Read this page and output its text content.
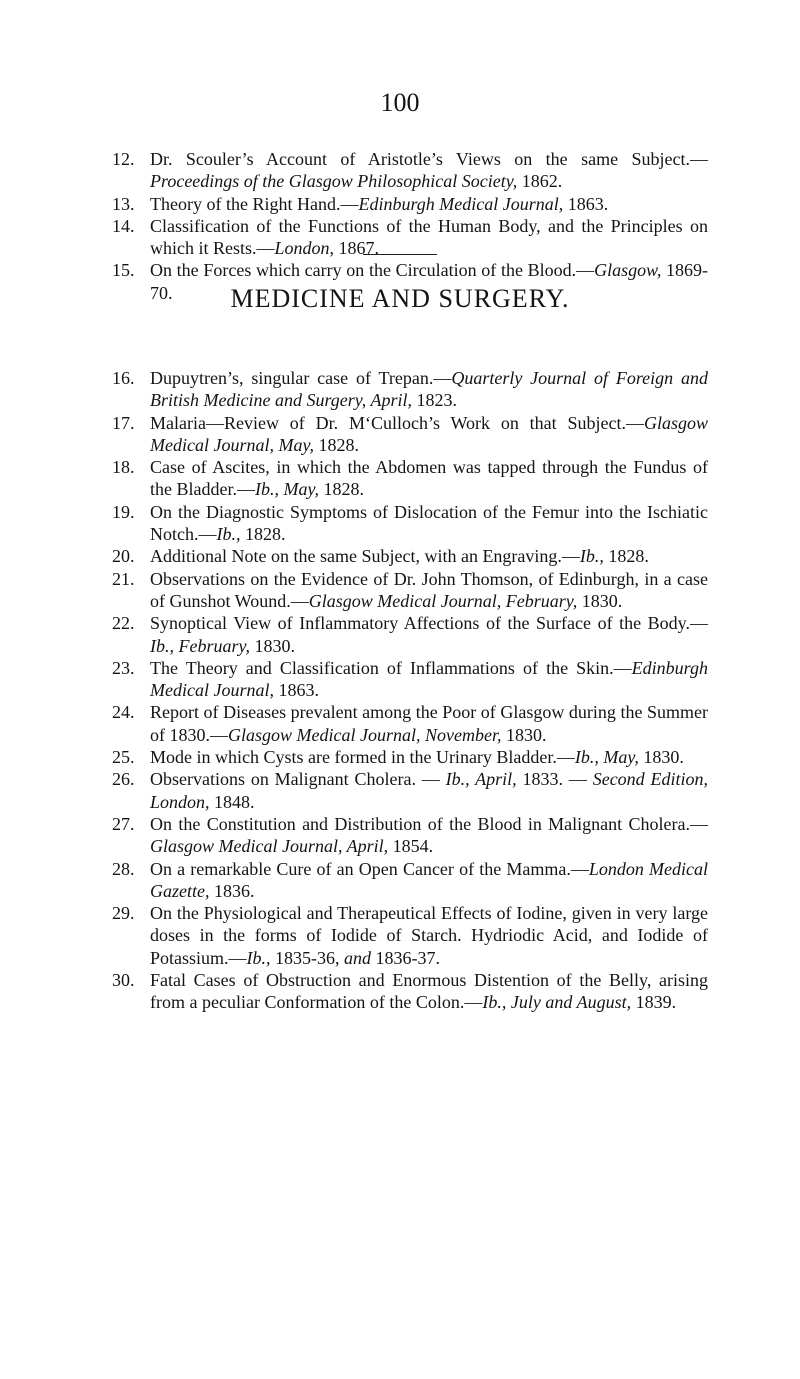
100
12. Dr. Scouler’s Account of Aristotle’s Views on the same Subject.—Proceedings of the Glasgow Philosophical Society, 1862.
13. Theory of the Right Hand.—Edinburgh Medical Journal, 1863.
14. Classification of the Functions of the Human Body, and the Principles on which it Rests.—London, 1867.
15. On the Forces which carry on the Circulation of the Blood.—Glasgow, 1869-70.	MEDICINE AND SURGERY.
16. Dupuytren’s, singular case of Trepan.—Quarterly Journal of Foreign and British Medicine and Surgery, April, 1823.
17. Malaria—Review of Dr. M‘Culloch’s Work on that Subject.—Glasgow Medical Journal, May, 1828.
18. Case of Ascites, in which the Abdomen was tapped through the Fundus of the Bladder.—Ib., May, 1828.
19. On the Diagnostic Symptoms of Dislocation of the Femur into the Ischiatic Notch.—Ib., 1828.
20. Additional Note on the same Subject, with an Engraving.—Ib., 1828.
21. Observations on the Evidence of Dr. John Thomson, of Edinburgh, in a case of Gunshot Wound.—Glasgow Medical Journal, February, 1830.
22. Synoptical View of Inflammatory Affections of the Surface of the Body.—Ib., February, 1830.
23. The Theory and Classification of Inflammations of the Skin.—Edinburgh Medical Journal, 1863.
24. Report of Diseases prevalent among the Poor of Glasgow during the Summer of 1830.—Glasgow Medical Journal, November, 1830.
25. Mode in which Cysts are formed in the Urinary Bladder.—Ib., May, 1830.
26. Observations on Malignant Cholera. — Ib., April, 1833. — Second Edition, London, 1848.
27. On the Constitution and Distribution of the Blood in Malignant Cholera.—Glasgow Medical Journal, April, 1854.
28. On a remarkable Cure of an Open Cancer of the Mamma.—London Medical Gazette, 1836.
29. On the Physiological and Therapeutical Effects of Iodine, given in very large doses in the forms of Iodide of Starch. Hydriodic Acid, and Iodide of Potassium.—Ib., 1835-36, and 1836-37.
30. Fatal Cases of Obstruction and Enormous Distention of the Belly, arising from a peculiar Conformation of the Colon.—Ib., July and August, 1839.
